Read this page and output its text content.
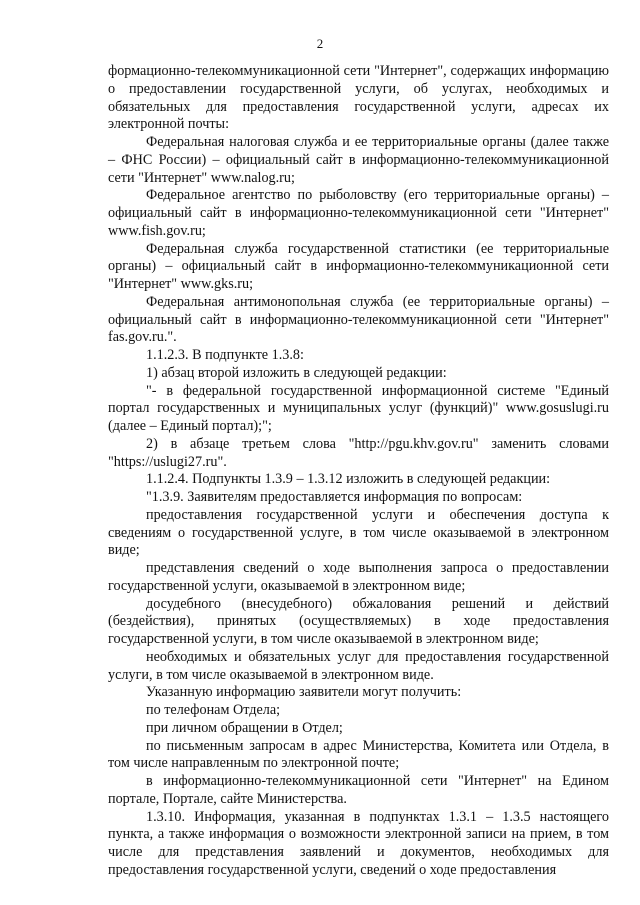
2

формационно-телекоммуникационной сети "Интернет", содержащих информацию о предоставлении государственной услуги, об услугах, необходимых и обязательных для предоставления государственной услуги, адресах их электронной почты:

Федеральная налоговая служба и ее территориальные органы (далее также – ФНС России) – официальный сайт в информационно-телекоммуникационной сети "Интернет" www.nalog.ru;

Федеральное агентство по рыболовству (его территориальные органы) – официальный сайт в информационно-телекоммуникационной сети "Интернет" www.fish.gov.ru;

Федеральная служба государственной статистики (ее территориальные органы) – официальный сайт в информационно-телекоммуникационной сети "Интернет" www.gks.ru;

Федеральная антимонопольная служба (ее территориальные органы) – официальный сайт в информационно-телекоммуникационной сети "Интернет" fas.gov.ru.".

1.1.2.3. В подпункте 1.3.8:

1) абзац второй изложить в следующей редакции:

"- в федеральной государственной информационной системе "Единый портал государственных и муниципальных услуг (функций)" www.gosuslugi.ru (далее – Единый портал);";

2) в абзаце третьем слова "http://pgu.khv.gov.ru" заменить словами "https://uslugi27.ru".

1.1.2.4. Подпункты 1.3.9 – 1.3.12 изложить в следующей редакции:

"1.3.9. Заявителям предоставляется информация по вопросам:

предоставления государственной услуги и обеспечения доступа к сведениям о государственной услуге, в том числе оказываемой в электронном виде;

представления сведений о ходе выполнения запроса о предоставлении государственной услуги, оказываемой в электронном виде;

досудебного (внесудебного) обжалования решений и действий (бездействия), принятых (осуществляемых) в ходе предоставления государственной услуги, в том числе оказываемой в электронном виде;

необходимых и обязательных услуг для предоставления государственной услуги, в том числе оказываемой в электронном виде.

Указанную информацию заявители могут получить:

по телефонам Отдела;

при личном обращении в Отдел;

по письменным запросам в адрес Министерства, Комитета или Отдела, в том числе направленным по электронной почте;

в информационно-телекоммуникационной сети "Интернет" на Едином портале, Портале, сайте Министерства.

1.3.10. Информация, указанная в подпунктах 1.3.1 – 1.3.5 настоящего пункта, а также информация о возможности электронной записи на прием, в том числе для представления заявлений и документов, необходимых для предоставления государственной услуги, сведений о ходе предоставления
